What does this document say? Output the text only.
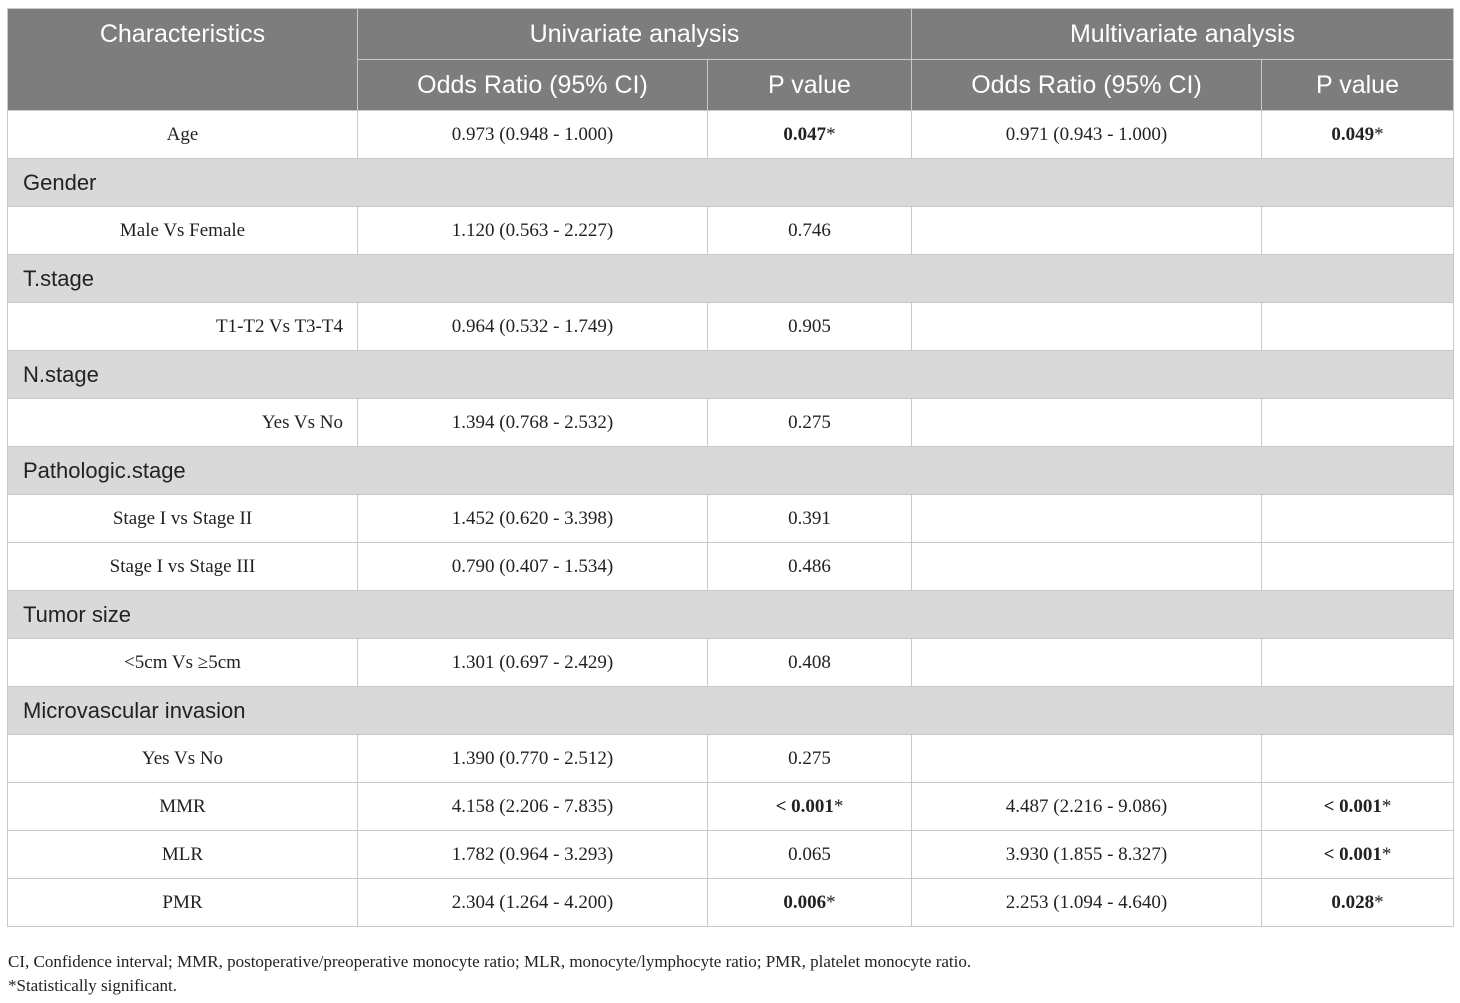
Characteristics	Univariate analysis		Multivariate analysis	
	Odds Ratio (95% CI)	P value	Odds Ratio (95% CI)	P value
Age	0.973 (0.948 - 1.000)	0.047*	0.971 (0.943 - 1.000)	0.049*
Gender				
Male Vs Female	1.120 (0.563 - 2.227)	0.746		
T.stage				
T1-T2 Vs T3-T4	0.964 (0.532 - 1.749)	0.905		
N.stage				
Yes Vs No	1.394 (0.768 - 2.532)	0.275		
Pathologic.stage				
Stage I vs Stage II	1.452 (0.620 - 3.398)	0.391		
Stage I vs Stage III	0.790 (0.407 - 1.534)	0.486		
Tumor size				
<5cm Vs ≥5cm	1.301 (0.697 - 2.429)	0.408		
Microvascular invasion				
Yes Vs No	1.390 (0.770 - 2.512)	0.275		
MMR	4.158 (2.206 - 7.835)	< 0.001*	4.487 (2.216 - 9.086)	< 0.001*
MLR	1.782 (0.964 - 3.293)	0.065	3.930 (1.855 - 8.327)	< 0.001*
PMR	2.304 (1.264 - 4.200)	0.006*	2.253 (1.094 - 4.640)	0.028*
CI, Confidence interval; MMR, postoperative/preoperative monocyte ratio; MLR, monocyte/lymphocyte ratio; PMR, platelet monocyte ratio.
*Statistically significant.
